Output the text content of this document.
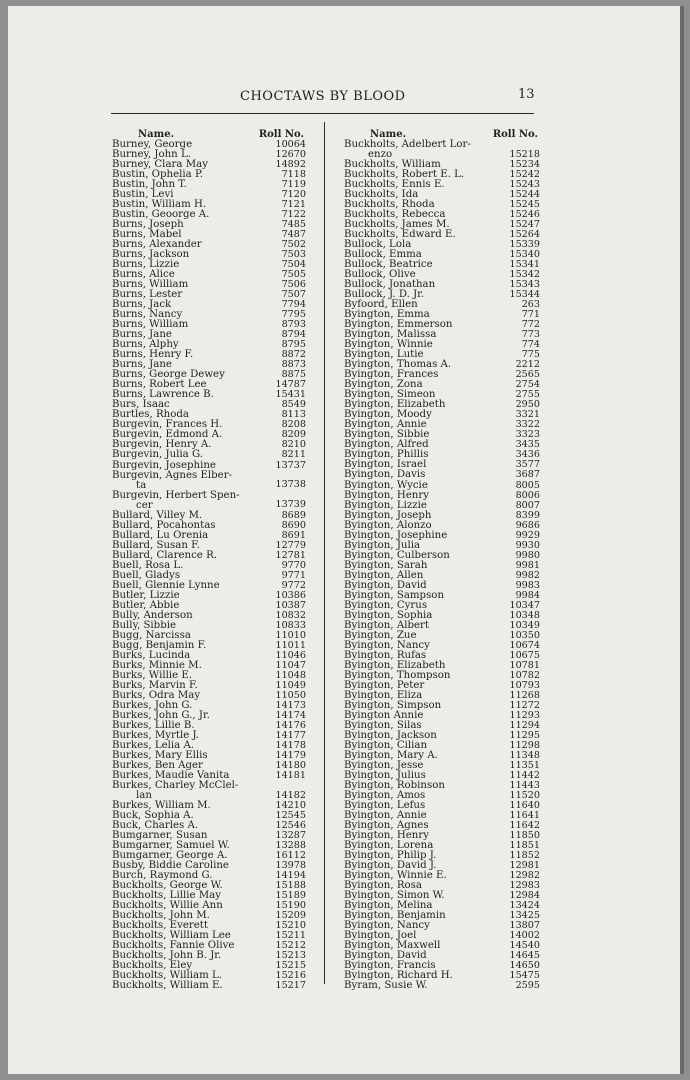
CHOCTAWS BY BLOOD	13
Name.	Roll No.
Burney, George	10064
Burney, John L.	12670
Burney, Clara May	14892
Bustin, Ophelia P.	7118
Bustin, John T.	7119
Bustin, Levi	7120
Bustin, William H.	7121
Bustin, Geoorge A.	7122
Burns, Joseph	7485
Burns, Mabel	7487
Burns, Alexander	7502
Burns, Jackson	7503
Burns, Lizzie	7504
Burns, Alice	7505
Burns, William	7506
Burns, Lester	7507
Burns, Jack	7794
Burns, Nancy	7795
Burns, William	8793
Burns, Jane	8794
Burns, Alphy	8795
Burns, Henry F.	8872
Burns, Jane	8873
Burns, George Dewey	8875
Burns, Robert Lee	14787
Burns, Lawrence B.	15431
Burs, Isaac	8549
Burtles, Rhoda	8113
Burgevin, Frances H.	8208
Burgevin, Edmond A.	8209
Burgevin, Henry A.	8210
Burgevin, Julia G.	8211
Burgevin, Josephine	13737
Burgevin, Agnes Elber-
ta	13738
Burgevin, Herbert Spen-
cer	13739
Bullard, Villey M.	8689
Bullard, Pocahontas	8690
Bullard, Lu Orenia	8691
Bullard, Susan F.	12779
Bullard, Clarence R.	12781
Buell, Rosa L.	9770
Buell, Gladys	9771
Buell, Glennie Lynne	9772
Butler, Lizzie	10386
Butler, Abbie	10387
Bully, Anderson	10832
Bully, Sibbie	10833
Bugg, Narcissa	11010
Bugg, Benjamin F.	11011
Burks, Lucinda	11046
Burks, Minnie M.	11047
Burks, Willie E.	11048
Burks, Marvin F.	11049
Burks, Odra May	11050
Burkes, John G.	14173
Burkes, John G., Jr.	14174
Burkes, Lillie B.	14176
Burkes, Myrtle J.	14177
Burkes, Lelia A.	14178
Burkes, Mary Ellis	14179
Burkes, Ben Ager	14180
Burkes, Maudie Vanita	14181
Burkes, Charley McClel-
lan	14182
Burkes, William M.	14210
Buck, Sophia A.	12545
Buck, Charles A.	12546
Bumgarner, Susan	13287
Bumgarner, Samuel W.	13288
Bumgarner, George A.	16112
Busby, Biddie Caroline	13978
Burch, Raymond G.	14194
Buckholts, George W.	15188
Buckholts, Lillie May	15189
Buckholts, Willie Ann	15190
Buckholts, John M.	15209
Buckholts, Everett	15210
Buckholts, William Lee	15211
Buckholts, Fannie Olive	15212
Buckholts, John B. Jr.	15213
Buckholts, Eley	15215
Buckholts, William L.	15216
Buckholts, William E.	15217
Name.	Roll No.
Buckholts, Adelbert Lor-
enzo	15218
Buckholts, William	15234
Buckholts, Robert E. L.	15242
Buckholts, Ennis E.	15243
Buckholts, Ida	15244
Buckholts, Rhoda	15245
Buckholts, Rebecca	15246
Buckholts, James M.	15247
Buckholts, Edward E.	15264
Bullock, Lola	15339
Bullock, Emma	15340
Bullock, Beatrice	15341
Bullock, Olive	15342
Bullock, Jonathan	15343
Bullock, J. D. Jr.	15344
Byfoord, Ellen	263
Byington, Emma	771
Byington, Emmerson	772
Byington, Malissa	773
Byington, Winnie	774
Byington, Lutie	775
Byington, Thomas A.	2212
Byington, Frances	2565
Byington, Zona	2754
Byington, Simeon	2755
Byington, Elizabeth	2950
Byington, Moody	3321
Byington, Annie	3322
Byington, Sibbie	3323
Byington, Alfred	3435
Byington, Phillis	3436
Byington, Israel	3577
Byington, Davis	3687
Byington, Wycie	8005
Byington, Henry	8006
Byington, Lizzie	8007
Byington, Joseph	8399
Byington, Alonzo	9686
Byington, Josephine	9929
Byington, Julia	9930
Byington, Culberson	9980
Byington, Sarah	9981
Byington, Allen	9982
Byington, David	9983
Byington, Sampson	9984
Byington, Cyrus	10347
Byington, Sophia	10348
Byington, Albert	10349
Byington, Zue	10350
Byington, Nancy	10674
Byington, Rufas	10675
Byington, Elizabeth	10781
Byington, Thompson	10782
Byington, Peter	10793
Byington, Eliza	11268
Byington, Simpson	11272
Byington Annie	11293
Byington, Silas	11294
Byington, Jackson	11295
Byington, Cilian	11298
Byington, Mary A.	11348
Byington, Jesse	11351
Byington, Julius	11442
Byington, Robinson	11443
Byington, Amos	11520
Byington, Lefus	11640
Byington, Annie	11641
Byington, Agnes	11642
Byington, Henry	11850
Byington, Lorena	11851
Byington, Philip J.	11852
Byington, David J.	12981
Byington, Winnie E.	12982
Byington, Rosa	12983
Byington, Simon W.	12984
Byington, Melina	13424
Byington, Benjamin	13425
Byington, Nancy	13807
Byington, Joel	14002
Byington, Maxwell	14540
Byington, David	14645
Byington, Francis	14650
Byington, Richard H.	15475
Byram, Susie W.	2595
